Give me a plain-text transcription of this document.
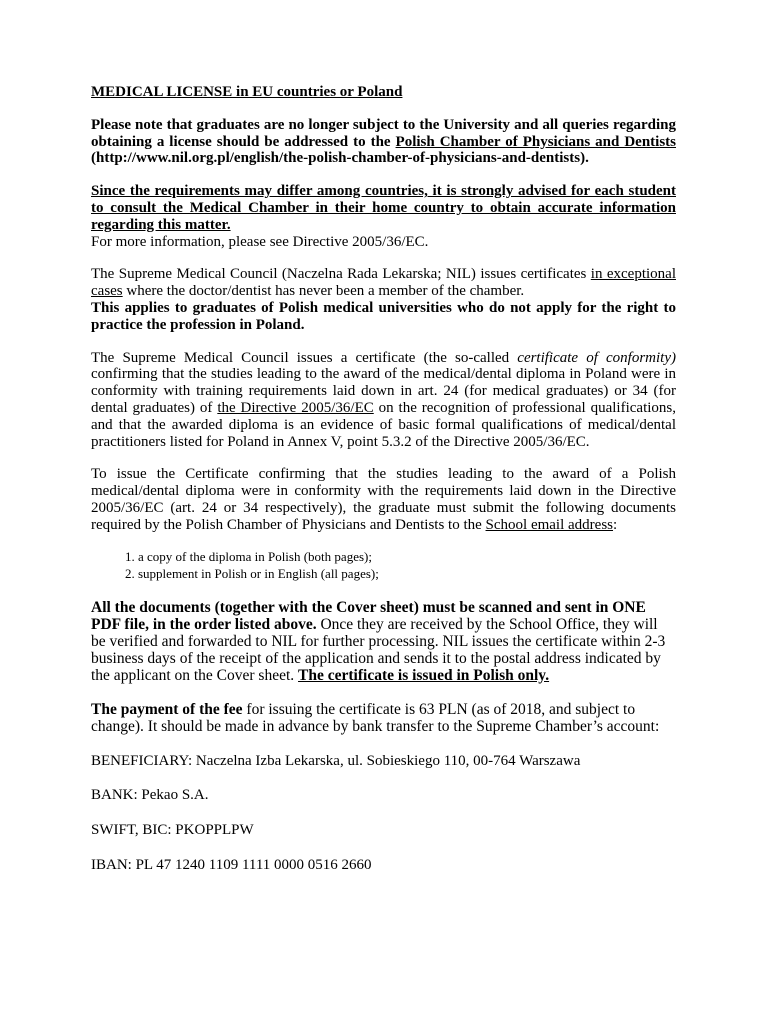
MEDICAL LICENSE in EU countries or Poland

Please note that graduates are no longer subject to the University and all queries regarding obtaining a license should be addressed to the Polish Chamber of Physicians and Dentists (http://www.nil.org.pl/english/the-polish-chamber-of-physicians-and-dentists).

Since the requirements may differ among countries, it is strongly advised for each student to consult the Medical Chamber in their home country to obtain accurate information regarding this matter.

For more information, please see Directive 2005/36/EC.

The Supreme Medical Council (Naczelna Rada Lekarska; NIL) issues certificates in exceptional cases where the doctor/dentist has never been a member of the chamber.

This applies to graduates of Polish medical universities who do not apply for the right to practice the profession in Poland.

The Supreme Medical Council issues a certificate (the so-called certificate of conformity) confirming that the studies leading to the award of the medical/dental diploma in Poland were in conformity with training requirements laid down in art. 24 (for medical graduates) or 34 (for dental graduates) of the Directive 2005/36/EC on the recognition of professional qualifications, and that the awarded diploma is an evidence of basic formal qualifications of medical/dental practitioners listed for Poland in Annex V, point 5.3.2 of the Directive 2005/36/EC.

To issue the Certificate confirming that the studies leading to the award of a Polish medical/dental diploma were in conformity with the requirements laid down in the Directive 2005/36/EC (art. 24 or 34 respectively), the graduate must submit the following documents required by the Polish Chamber of Physicians and Dentists to the School email address:

1. a copy of the diploma in Polish (both pages);
2. supplement in Polish or in English (all pages);

All the documents (together with the Cover sheet) must be scanned and sent in ONE PDF file, in the order listed above. Once they are received by the School Office, they will be verified and forwarded to NIL for further processing. NIL issues the certificate within 2-3 business days of the receipt of the application and sends it to the postal address indicated by the applicant on the Cover sheet. The certificate is issued in Polish only.

The payment of the fee for issuing the certificate is 63 PLN (as of 2018, and subject to change). It should be made in advance by bank transfer to the Supreme Chamber’s account:

BENEFICIARY: Naczelna Izba Lekarska, ul. Sobieskiego 110, 00-764 Warszawa

BANK: Pekao S.A.

SWIFT, BIC: PKOPPLPW

IBAN: PL 47 1240 1109 1111 0000 0516 2660
